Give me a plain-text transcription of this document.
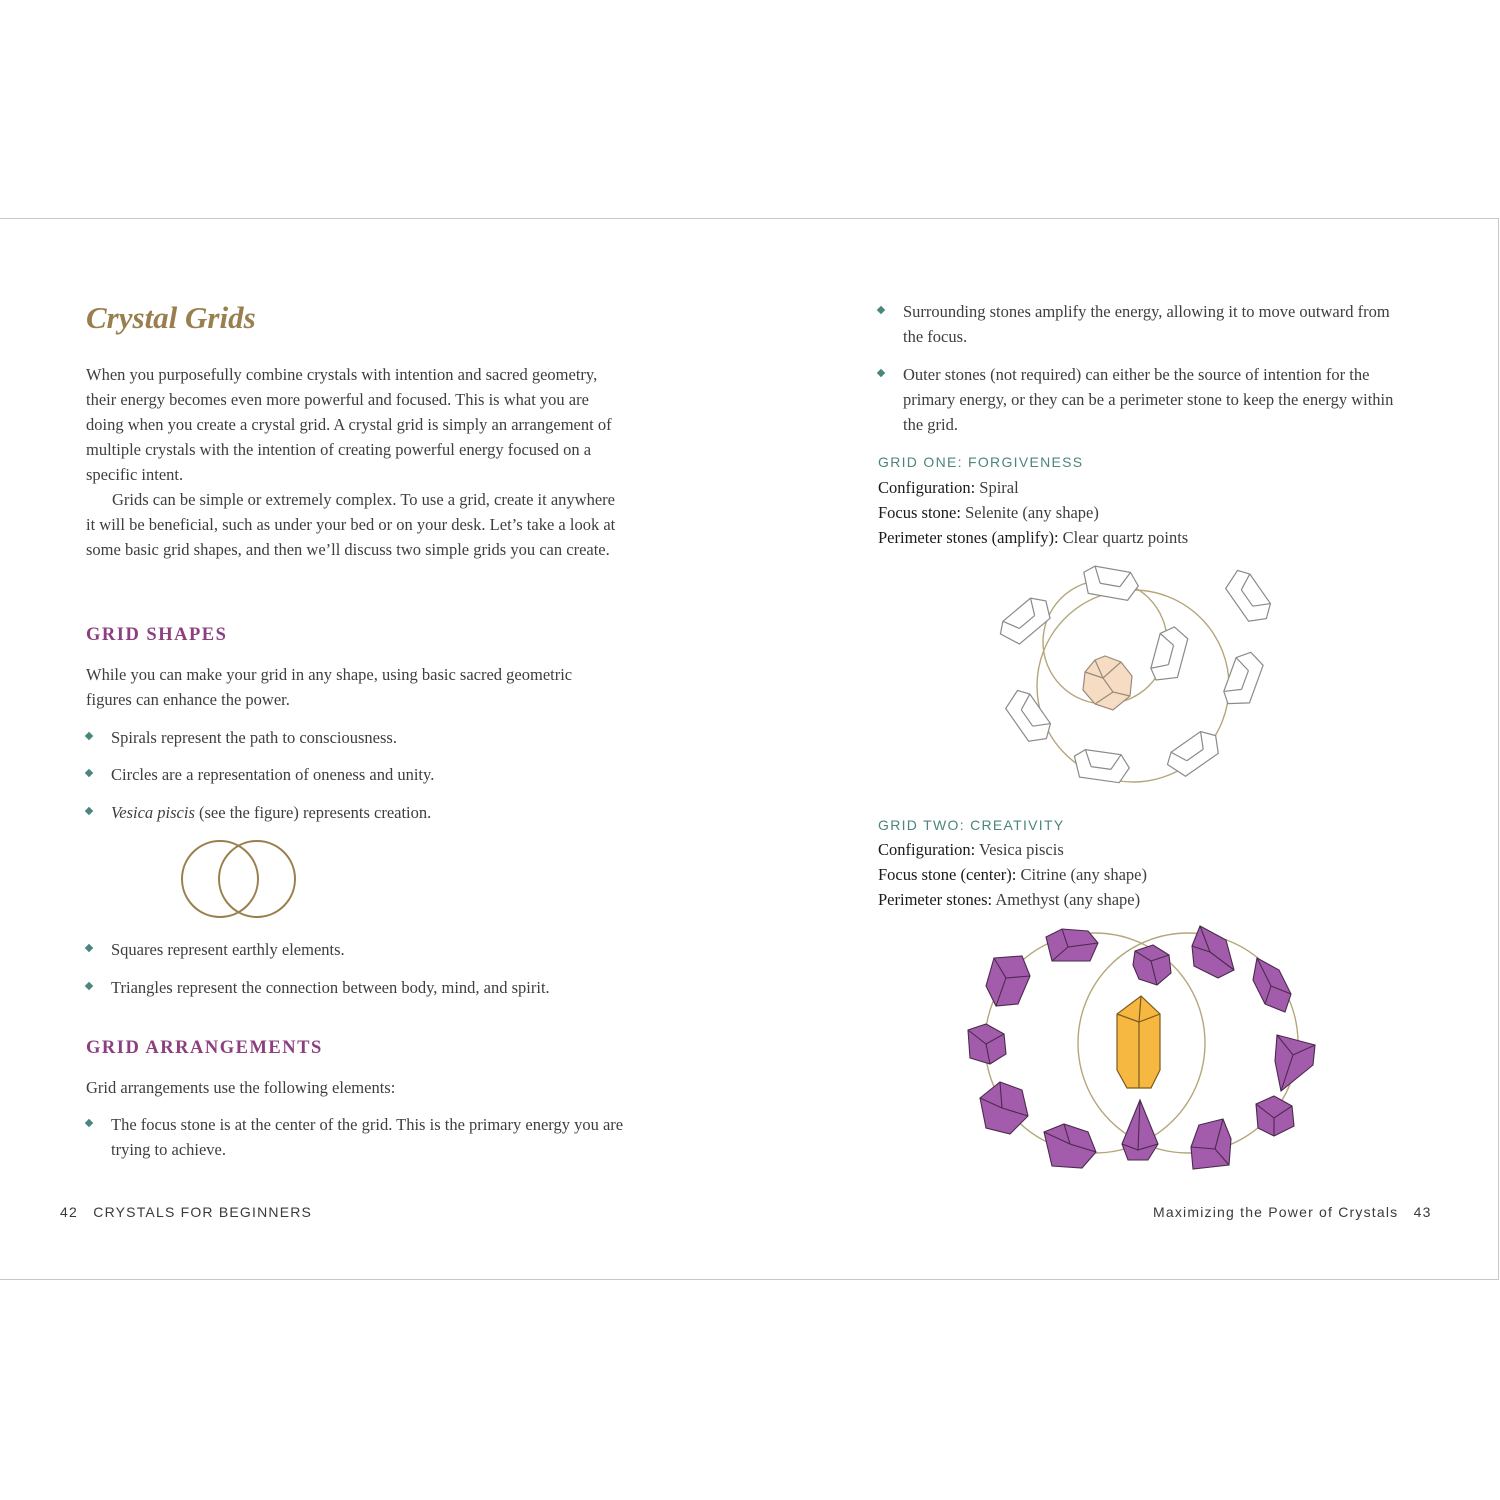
Crystal Grids

When you purposefully combine crystals with intention and sacred geometry, their energy becomes even more powerful and focused. This is what you are doing when you create a crystal grid. A crystal grid is simply an arrangement of multiple crystals with the intention of creating powerful energy focused on a specific intent.

Grids can be simple or extremely complex. To use a grid, create it anywhere it will be beneficial, such as under your bed or on your desk. Let’s take a look at some basic grid shapes, and then we’ll discuss two simple grids you can create.

GRID SHAPES
While you can make your grid in any shape, using basic sacred geometric figures can enhance the power.
Spirals represent the path to consciousness.
Circles are a representation of oneness and unity.
Vesica piscis (see the figure) represents creation.
Squares represent earthly elements.
Triangles represent the connection between body, mind, and spirit.
GRID ARRANGEMENTS
Grid arrangements use the following elements:
The focus stone is at the center of the grid. This is the primary energy you are trying to achieve.
42 CRYSTALS FOR BEGINNERS
Surrounding stones amplify the energy, allowing it to move outward from the focus.
Outer stones (not required) can either be the source of intention for the primary energy, or they can be a perimeter stone to keep the energy within the grid.
GRID ONE: FORGIVENESS
Configuration: Spiral
Focus stone: Selenite (any shape)
Perimeter stones (amplify): Clear quartz points
GRID TWO: CREATIVITY
Configuration: Vesica piscis
Focus stone (center): Citrine (any shape)
Perimeter stones: Amethyst (any shape)
Maximizing the Power of Crystals 43
